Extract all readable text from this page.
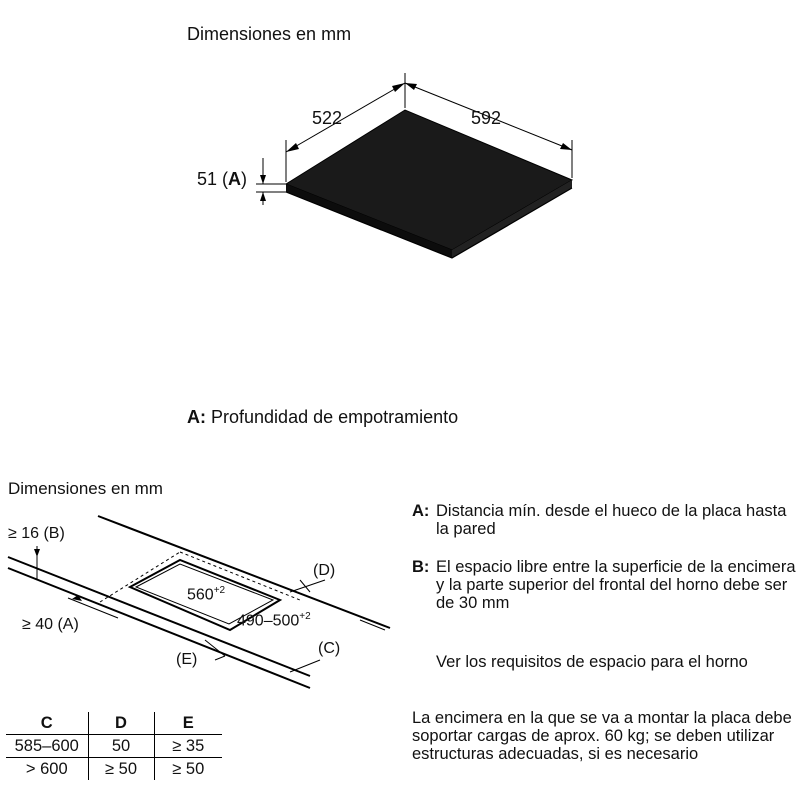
Dimensiones en mm
522	592
51 (A)
A: Profundidad de empotramiento
Dimensiones en mm
≥ 16 (B)
≥ 40 (A)
(D)
(C)
(E)
$560^{+2}$
$490-500^{+2}$
A: Distancia mín. desde el hueco de la placa hasta la pared
B: El espacio libre entre la superficie de la encimera y la parte superior del frontal del horno debe ser de 30 mm
Ver los requisitos de espacio para el horno
La encimera en la que se va a montar la placa debe soportar cargas de aprox. 60 kg; se deben utilizar estructuras adecuadas, si es necesario
C	D	E
585–600	50	≥ 35
> 600	≥ 50	≥ 50
